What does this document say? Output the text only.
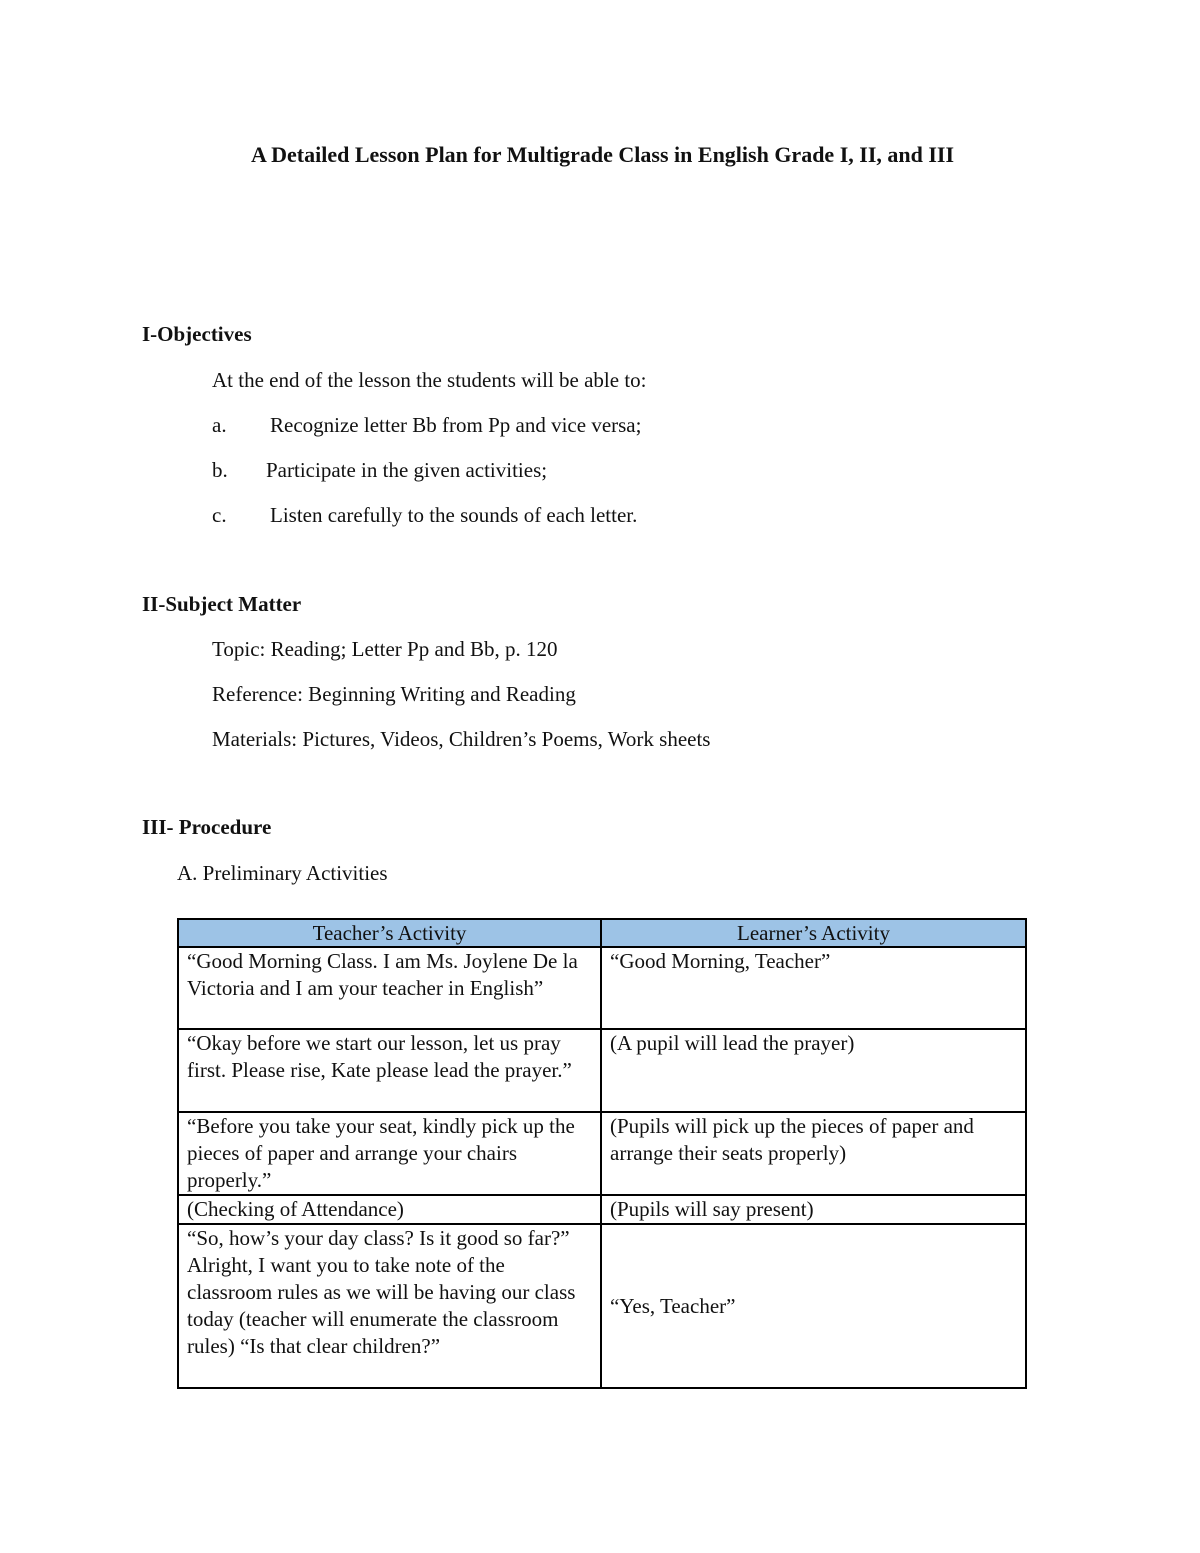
A Detailed Lesson Plan for Multigrade Class in English Grade I, II, and III
I-Objectives
At the end of the lesson the students will be able to:
a. Recognize letter Bb from Pp and vice versa;
b. Participate in the given activities;
c. Listen carefully to the sounds of each letter.
II-Subject Matter
Topic: Reading; Letter Pp and Bb, p. 120
Reference: Beginning Writing and Reading
Materials: Pictures, Videos, Children’s Poems, Work sheets
III- Procedure
A. Preliminary Activities
Teacher’s Activity	Learner’s Activity
“Good Morning Class. I am Ms. Joylene De la Victoria and I am your teacher in English”	“Good Morning, Teacher”
“Okay before we start our lesson, let us pray first. Please rise, Kate please lead the prayer.”	(A pupil will lead the prayer)
“Before you take your seat, kindly pick up the pieces of paper and arrange your chairs properly.”	(Pupils will pick up the pieces of paper and arrange their seats properly)
(Checking of Attendance)	(Pupils will say present)
“So, how’s your day class? Is it good so far?” Alright, I want you to take note of the classroom rules as we will be having our class today (teacher will enumerate the classroom rules) “Is that clear children?”	“Yes, Teacher”
